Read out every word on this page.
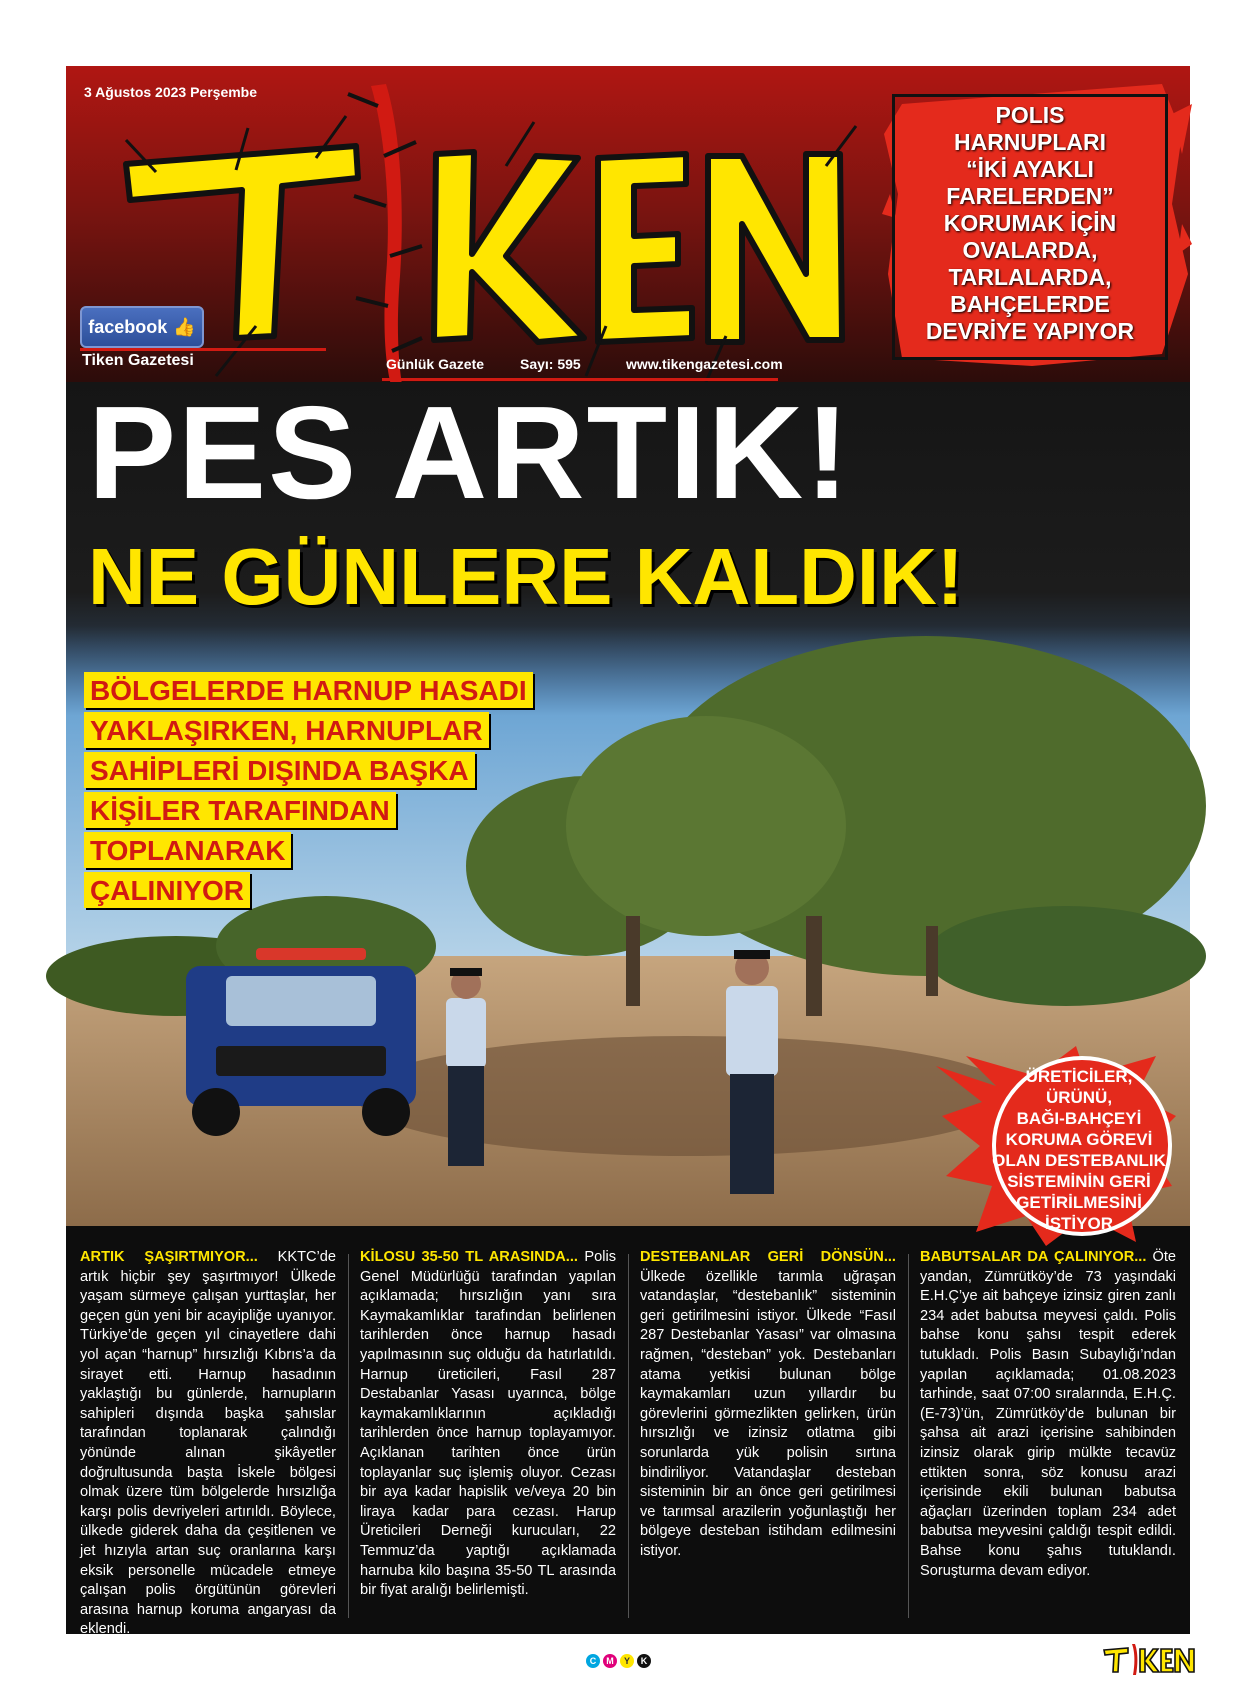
3 Ağustos 2023 Perşembe
facebook 👍
Tiken Gazetesi	Günlük Gazete	Sayı: 595	www.tikengazetesi.com
POLIS
HARNUPLARI
“İKİ AYAKLI
FARELERDEN”
KORUMAK İÇİN
OVALARDA,
TARLALARDA,
BAHÇELERDE
DEVRİYE YAPIYOR
PES ARTIK!
NE GÜNLERE KALDIK!
BÖLGELERDE HARNUP HASADI
YAKLAŞIRKEN, HARNUPLAR
SAHİPLERİ DIŞINDA BAŞKA
KİŞİLER TARAFINDAN
TOPLANARAK
ÇALINIYOR
ÜRETİCİLER,
ÜRÜNÜ,
BAĞI-BAHÇEYİ
KORUMA GÖREVİ
OLAN DESTEBANLIK
SİSTEMİNİN GERİ
GETİRİLMESİNİ
İSTİYOR
ARTIK ŞAŞIRTMIYOR... KKTC’de artık hiçbir şey şaşırtmıyor! Ülkede yaşam sürmeye çalışan yurttaşlar, her geçen gün yeni bir acayipliğe uyanıyor. Türkiye’de geçen yıl cinayetlere dahi yol açan “harnup” hırsızlığı Kıbrıs’a da sirayet etti. Harnup hasadının yaklaştığı bu günlerde, harnupların sahipleri dışında başka şahıslar tarafından toplanarak çalındığı yönünde alınan şikâyetler doğrultusunda başta İskele bölgesi olmak üzere tüm bölgelerde hırsızlığa karşı polis devriyeleri artırıldı. Böylece, ülkede giderek daha da çeşitlenen ve jet hızıyla artan suç oranlarına karşı eksik personelle mücadele etmeye çalışan polis örgütünün görevleri arasına harnup koruma angaryası da eklendi.
KİLOSU 35-50 TL ARASINDA... Polis Genel Müdürlüğü tarafından yapılan açıklamada; hırsızlığın yanı sıra Kaymakamlıklar tarafından belirlenen tarihlerden önce harnup hasadı yapılmasının suç olduğu da hatırlatıldı. Harnup üreticileri, Fasıl 287 Destabanlar Yasası uyarınca, bölge kaymakamlıklarının açıkladığı tarihlerden önce harnup toplayamıyor. Açıklanan tarihten önce ürün toplayanlar suç işlemiş oluyor. Cezası bir aya kadar hapislik ve/veya 20 bin liraya kadar para cezası. Harup Üreticileri Derneği kurucuları, 22 Temmuz’da yaptığı açıklamada harnuba kilo başına 35-50 TL arasında bir fiyat aralığı belirlemişti.
DESTEBANLAR GERİ DÖNSÜN... Ülkede özellikle tarımla uğraşan vatandaşlar, “destebanlık” sisteminin geri getirilmesini istiyor. Ülkede “Fasıl 287 Destebanlar Yasası” var olmasına rağmen, “desteban” yok. Destebanları atama yetkisi bulunan bölge kaymakamları uzun yıllardır bu görevlerini görmezlikten gelirken, ürün hırsızlığı ve izinsiz otlatma gibi sorunlarda yük polisin sırtına bindiriliyor. Vatandaşlar desteban sisteminin bir an önce geri getirilmesi ve tarımsal arazilerin yoğunlaştığı her bölgeye desteban istihdam edilmesini istiyor.
BABUTSALAR DA ÇALINIYOR... Öte yandan, Zümrütköy’de 73 yaşındaki E.H.Ç’ye ait bahçeye izinsiz giren zanlı 234 adet babutsa meyvesi çaldı. Polis bahse konu şahsı tespit ederek tutukladı. Polis Basın Subaylığı’ndan yapılan açıklamada; 01.08.2023 tarhinde, saat 07:00 sıralarında, E.H.Ç.(E-73)’ün, Zümrütköy’de bulunan bir şahsa ait arazi içerisine sahibinden izinsiz olarak girip mülkte tecavüz ettikten sonra, söz konusu arazi içerisinde ekili bulunan babutsa ağaçları üzerinden toplam 234 adet babutsa meyvesini çaldığı tespit edildi. Bahse konu şahıs tutuklandı. Soruşturma devam ediyor.
C	M	Y	K
